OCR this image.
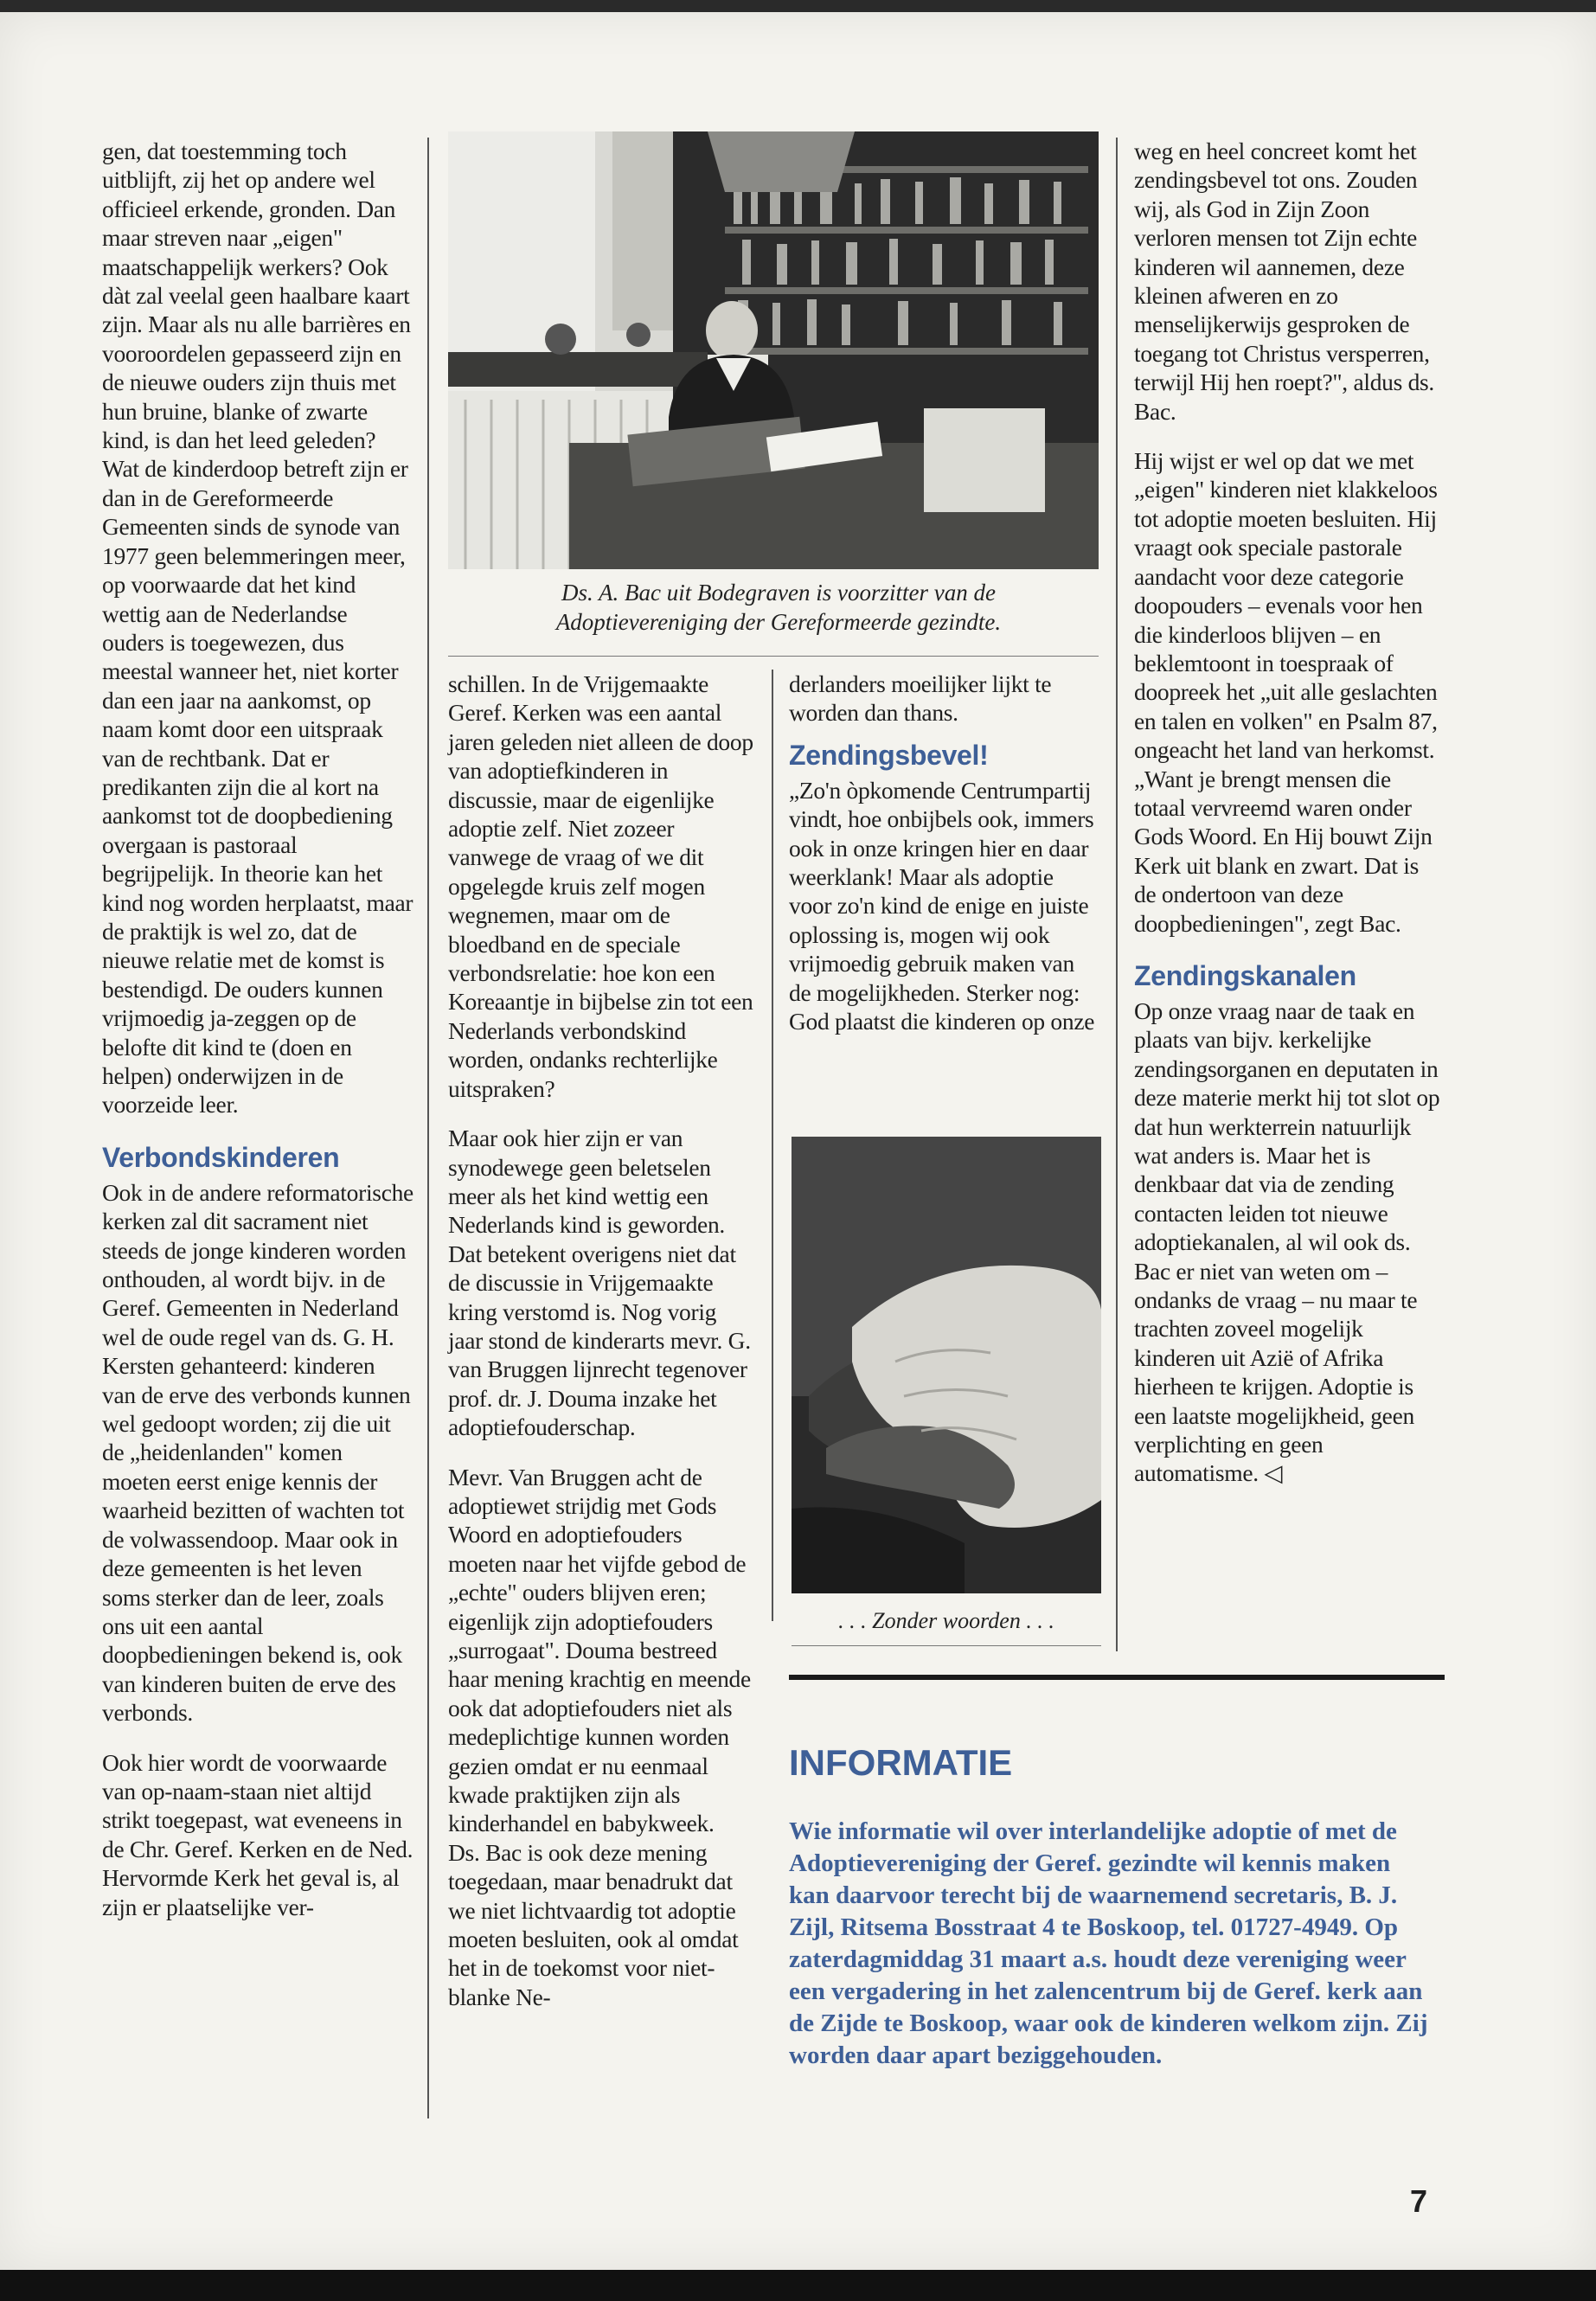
gen, dat toestemming toch uitblijft, zij het op andere wel officieel erkende, gronden. Dan maar streven naar „eigen" maatschappelijk werkers? Ook dàt zal veelal geen haalbare kaart zijn. Maar als nu alle barrières en vooroordelen gepasseerd zijn en de nieuwe ouders zijn thuis met hun bruine, blanke of zwarte kind, is dan het leed geleden? Wat de kinderdoop betreft zijn er dan in de Gereformeerde Gemeenten sinds de synode van 1977 geen belemmeringen meer, op voorwaarde dat het kind wettig aan de Nederlandse ouders is toegewezen, dus meestal wanneer het, niet korter dan een jaar na aankomst, op naam komt door een uitspraak van de rechtbank. Dat er predikanten zijn die al kort na aankomst tot de doopbediening overgaan is pastoraal begrijpelijk. In theorie kan het kind nog worden herplaatst, maar de praktijk is wel zo, dat de nieuwe relatie met de komst is bestendigd. De ouders kunnen vrijmoedig ja-zeggen op de belofte dit kind te (doen en helpen) onderwijzen in de voorzeide leer.

Verbondskinderen

Ook in de andere reformatorische kerken zal dit sacrament niet steeds de jonge kinderen worden onthouden, al wordt bijv. in de Geref. Gemeenten in Nederland wel de oude regel van ds. G. H. Kersten gehanteerd: kinderen van de erve des verbonds kunnen wel gedoopt worden; zij die uit de „heidenlanden" komen moeten eerst enige kennis der waarheid bezitten of wachten tot de volwassendoop. Maar ook in deze gemeenten is het leven soms sterker dan de leer, zoals ons uit een aantal doopbedieningen bekend is, ook van kinderen buiten de erve des verbonds.

Ook hier wordt de voorwaarde van op-naam-staan niet altijd strikt toegepast, wat eveneens in de Chr. Geref. Kerken en de Ned. Hervormde Kerk het geval is, al zijn er plaatselijke ver-

Ds. A. Bac uit Bodegraven is voorzitter van de Adoptievereniging der Gereformeerde gezindte.

schillen. In de Vrijgemaakte Geref. Kerken was een aantal jaren geleden niet alleen de doop van adoptiefkinderen in discussie, maar de eigenlijke adoptie zelf. Niet zozeer vanwege de vraag of we dit opgelegde kruis zelf mogen wegnemen, maar om de bloedband en de speciale verbondsrelatie: hoe kon een Koreaantje in bijbelse zin tot een Nederlands verbondskind worden, ondanks rechterlijke uitspraken?

Maar ook hier zijn er van synodewege geen beletselen meer als het kind wettig een Nederlands kind is geworden. Dat betekent overigens niet dat de discussie in Vrijgemaakte kring verstomd is. Nog vorig jaar stond de kinderarts mevr. G. van Bruggen lijnrecht tegenover prof. dr. J. Douma inzake het adoptiefouderschap.

Mevr. Van Bruggen acht de adoptiewet strijdig met Gods Woord en adoptiefouders moeten naar het vijfde gebod de „echte" ouders blijven eren; eigenlijk zijn adoptiefouders „surrogaat". Douma bestreed haar mening krachtig en meende ook dat adoptiefouders niet als medeplichtige kunnen worden gezien omdat er nu eenmaal kwade praktijken zijn als kinderhandel en babykweek.

Ds. Bac is ook deze mening toegedaan, maar benadrukt dat we niet lichtvaardig tot adoptie moeten besluiten, ook al omdat het in de toekomst voor niet-blanke Ne-

derlanders moeilijker lijkt te worden dan thans.

Zendingsbevel!

„Zo'n òpkomende Centrumpartij vindt, hoe onbijbels ook, immers ook in onze kringen hier en daar weerklank! Maar als adoptie voor zo'n kind de enige en juiste oplossing is, mogen wij ook vrijmoedig gebruik maken van de mogelijkheden. Sterker nog: God plaatst die kinderen op onze

. . . Zonder woorden . . .

weg en heel concreet komt het zendingsbevel tot ons. Zouden wij, als God in Zijn Zoon verloren mensen tot Zijn echte kinderen wil aannemen, deze kleinen afweren en zo menselijkerwijs gesproken de toegang tot Christus versperren, terwijl Hij hen roept?", aldus ds. Bac.

Hij wijst er wel op dat we met „eigen" kinderen niet klakkeloos tot adoptie moeten besluiten. Hij vraagt ook speciale pastorale aandacht voor deze categorie doopouders – evenals voor hen die kinderloos blijven – en beklemtoont in toespraak of doopreek het „uit alle geslachten en talen en volken" en Psalm 87, ongeacht het land van herkomst. „Want je brengt mensen die totaal vervreemd waren onder Gods Woord. En Hij bouwt Zijn Kerk uit blank en zwart. Dat is de ondertoon van deze doopbedieningen", zegt Bac.

Zendingskanalen

Op onze vraag naar de taak en plaats van bijv. kerkelijke zendingsorganen en deputaten in deze materie merkt hij tot slot op dat hun werkterrein natuurlijk wat anders is. Maar het is denkbaar dat via de zending contacten leiden tot nieuwe adoptiekanalen, al wil ook ds. Bac er niet van weten om – ondanks de vraag – nu maar te trachten zoveel mogelijk kinderen uit Azië of Afrika hierheen te krijgen. Adoptie is een laatste mogelijkheid, geen verplichting en geen automatisme. ◁

INFORMATIE
Wie informatie wil over interlandelijke adoptie of met de Adoptievereniging der Geref. gezindte wil kennis maken kan daarvoor terecht bij de waarnemend secretaris, B. J. Zijl, Ritsema Bosstraat 4 te Boskoop, tel. 01727-4949. Op zaterdagmiddag 31 maart a.s. houdt deze vereniging weer een vergadering in het zalencentrum bij de Geref. kerk aan de Zijde te Boskoop, waar ook de kinderen welkom zijn. Zij worden daar apart beziggehouden.
7
